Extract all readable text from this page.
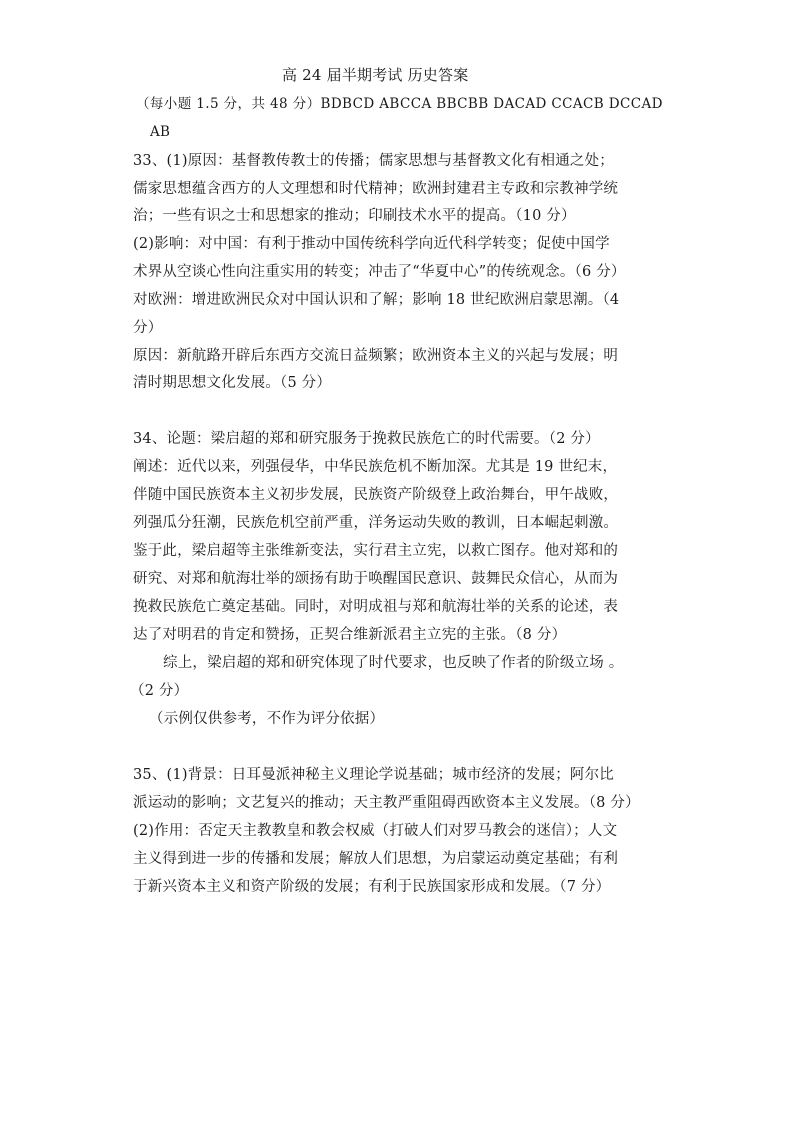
高 24 届半期考试 历史答案
（每小题 1.5 分，共 48 分）BDBCD ABCCA BBCBB DACAD CCACB DCCAD
AB
33、(1)原因：基督教传教士的传播；儒家思想与基督教文化有相通之处；
儒家思想蕴含西方的人文理想和时代精神；欧洲封建君主专政和宗教神学统
治；一些有识之士和思想家的推动；印刷技术水平的提高。（10 分）
(2)影响：对中国：有利于推动中国传统科学向近代科学转变；促使中国学
术界从空谈心性向注重实用的转变；冲击了“华夏中心”的传统观念。（6 分）
对欧洲：增进欧洲民众对中国认识和了解；影响 18 世纪欧洲启蒙思潮。（4
分）
原因：新航路开辟后东西方交流日益频繁；欧洲资本主义的兴起与发展；明
清时期思想文化发展。（5 分）
34、论题：梁启超的郑和研究服务于挽救民族危亡的时代需要。（2 分）
阐述：近代以来，列强侵华，中华民族危机不断加深。尤其是 19 世纪末，
伴随中国民族资本主义初步发展，民族资产阶级登上政治舞台，甲午战败，
列强瓜分狂潮，民族危机空前严重，洋务运动失败的教训，日本崛起刺激。
鉴于此，梁启超等主张维新变法，实行君主立宪，以救亡图存。他对郑和的
研究、对郑和航海壮举的颂扬有助于唤醒国民意识、鼓舞民众信心，从而为
挽救民族危亡奠定基础。同时，对明成祖与郑和航海壮举的关系的论述，表
达了对明君的肯定和赞扬，正契合维新派君主立宪的主张。（8 分）
综上，梁启超的郑和研究体现了时代要求，也反映了作者的阶级立场 。
（2 分）
（示例仅供参考，不作为评分依据）
35、(1)背景：日耳曼派神秘主义理论学说基础；城市经济的发展；阿尔比
派运动的影响；文艺复兴的推动；天主教严重阻碍西欧资本主义发展。（8 分）
(2)作用：否定天主教教皇和教会权威（打破人们对罗马教会的迷信）；人文
主义得到进一步的传播和发展；解放人们思想，为启蒙运动奠定基础；有利
于新兴资本主义和资产阶级的发展；有利于民族国家形成和发展。（7 分）
